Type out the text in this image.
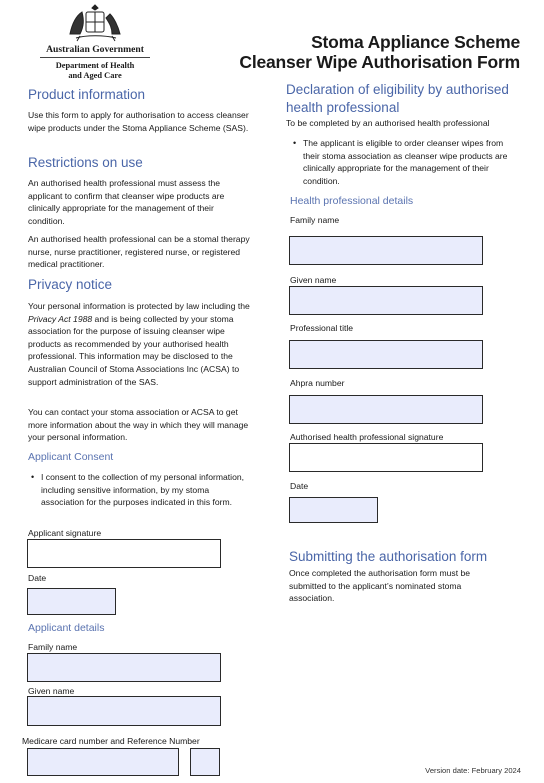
Australian Government
Department of Health
and Aged Care
Stoma Appliance Scheme
Cleanser Wipe Authorisation Form
Product information
Use this form to apply for authorisation to access cleanser wipe products under the Stoma Appliance Scheme (SAS).
Restrictions on use
An authorised health professional must assess the applicant to confirm that cleanser wipe products are clinically appropriate for the management of their condition.
An authorised health professional can be a stomal therapy nurse, nurse practitioner, registered nurse, or registered medical practitioner.
Privacy notice
Your personal information is protected by law including the Privacy Act 1988 and is being collected by your stoma association for the purpose of issuing cleanser wipe products as recommended by your authorised health professional. This information may be disclosed to the Australian Council of Stoma Associations Inc (ACSA) to support administration of the SAS.
You can contact your stoma association or ACSA to get more information about the way in which they will manage your personal information.
Applicant Consent
• I consent to the collection of my personal information, including sensitive information, by my stoma association for the purposes indicated in this form.
Applicant signature
Date
Applicant details
Family name
Given name
Medicare card number and Reference Number
Declaration of eligibility by authorised health professional
To be completed by an authorised health professional
• The applicant is eligible to order cleanser wipes from their stoma association as cleanser wipe products are clinically appropriate for the management of their condition.
Health professional details
Family name
Given name
Professional title
Ahpra number
Authorised health professional signature
Date
Submitting the authorisation form
Once completed the authorisation form must be submitted to the applicant’s nominated stoma association.
Version date: February 2024
